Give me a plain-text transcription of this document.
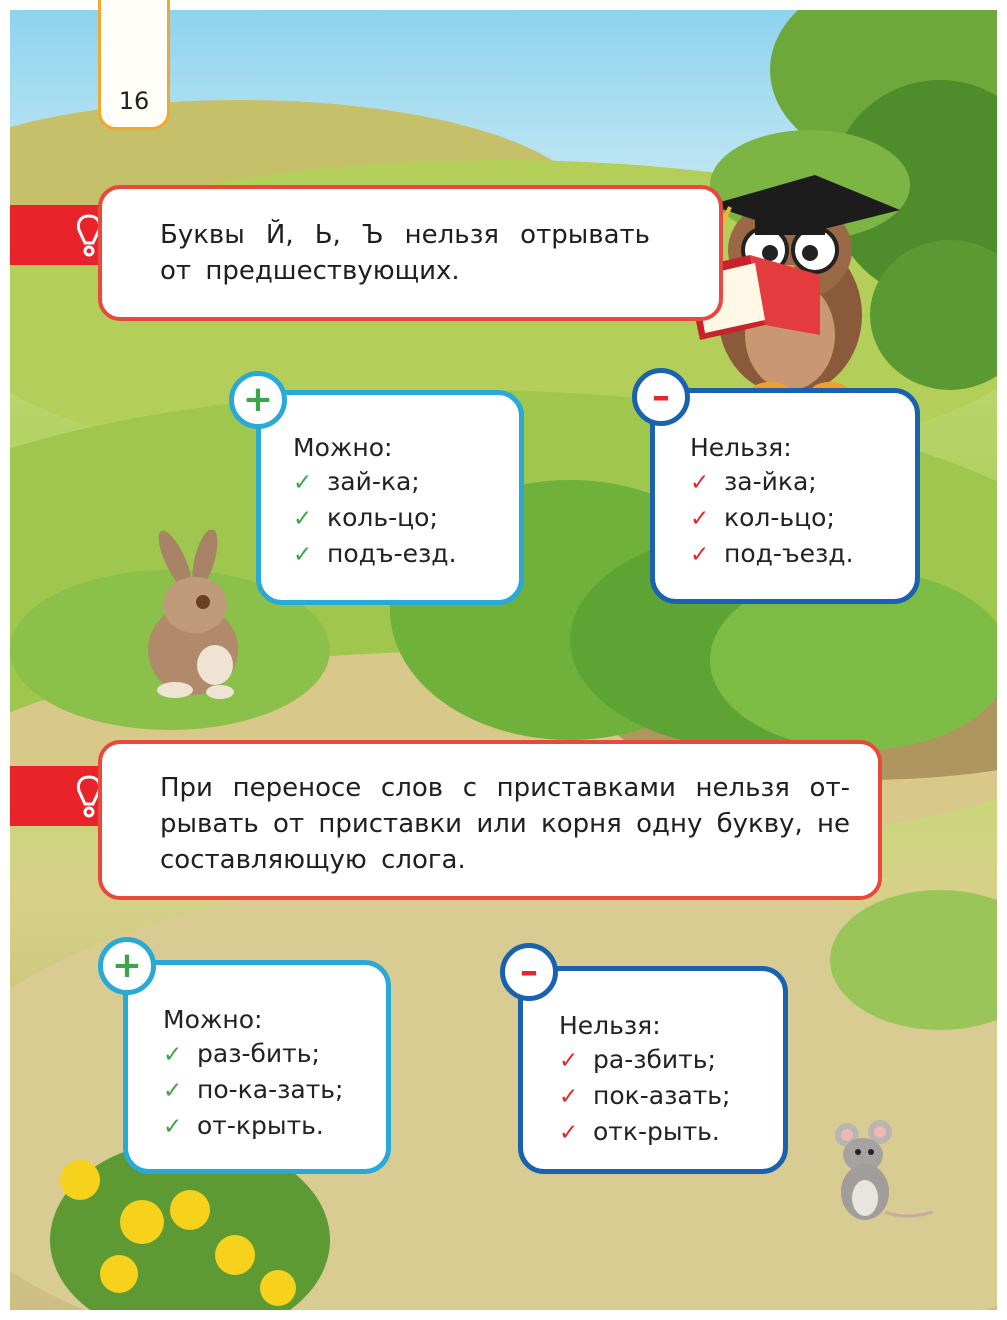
16
Буквы Й, Ь, Ъ нельзя отрывать
от предшествующих.
Можно:
✓ зай-ка;
✓ коль-цо;
✓ подъ-езд.
+
Нельзя:
✓ за-йка;
✓ кол-ьцо;
✓ под-ъезд.
–
При переносе слов с приставками нельзя от-
рывать от приставки или корня одну букву, не
составляющую слога.
Можно:
✓ раз-бить;
✓ по-ка-зать;
✓ от-крыть.
+
Нельзя:
✓ ра-збить;
✓ пок-азать;
✓ отк-рыть.
–
